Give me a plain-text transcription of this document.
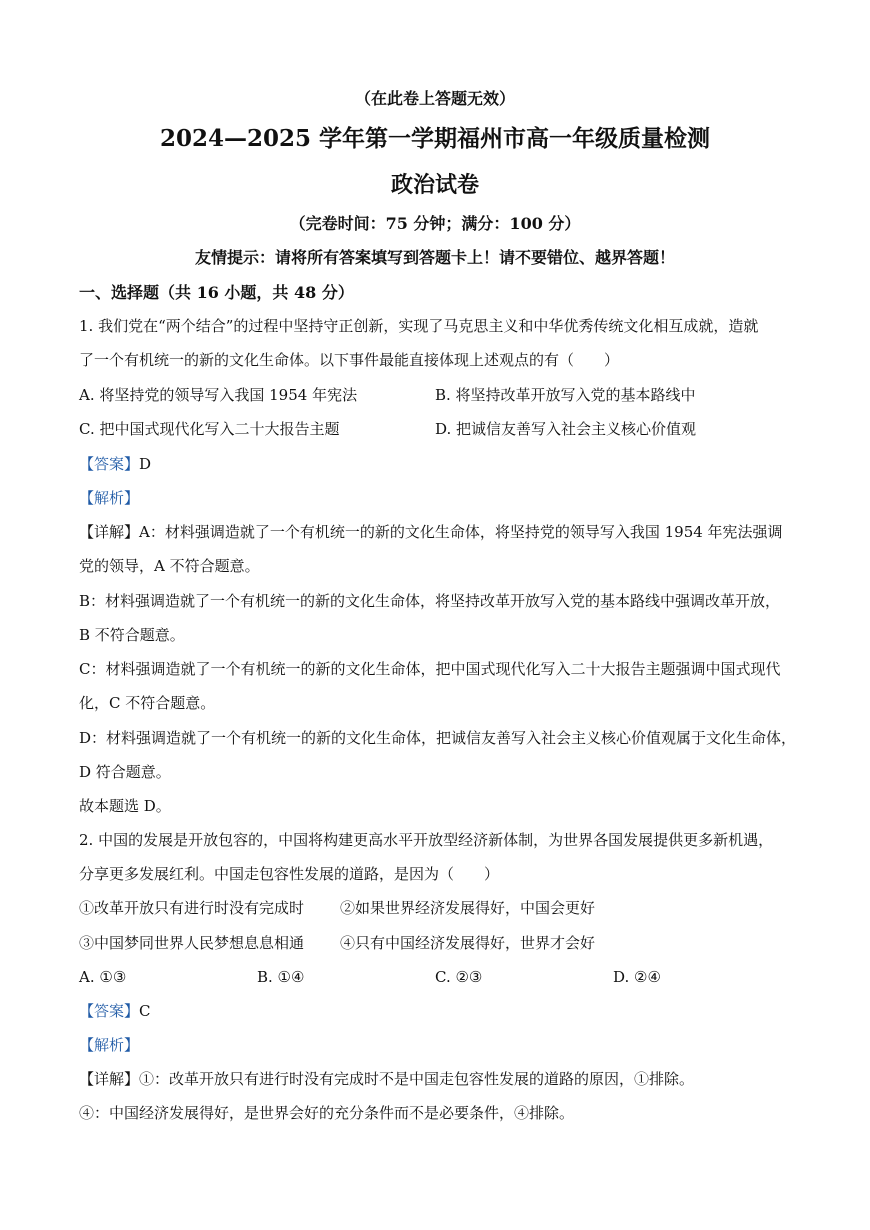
（在此卷上答题无效）
2024—2025 学年第一学期福州市高一年级质量检测
政治试卷
（完卷时间：75 分钟；满分：100 分）
友情提示：请将所有答案填写到答题卡上！请不要错位、越界答题！
一、选择题（共 16 小题，共 48 分）
1. 我们党在“两个结合”的过程中坚持守正创新，实现了马克思主义和中华优秀传统文化相互成就，造就
了一个有机统一的新的文化生命体。以下事件最能直接体现上述观点的有（　　）
A. 将坚持党的领导写入我国 1954 年宪法	B. 将坚持改革开放写入党的基本路线中
C. 把中国式现代化写入二十大报告主题	D. 把诚信友善写入社会主义核心价值观
【答案】D
【解析】
【详解】A：材料强调造就了一个有机统一的新的文化生命体，将坚持党的领导写入我国 1954 年宪法强调
党的领导，A 不符合题意。
B：材料强调造就了一个有机统一的新的文化生命体，将坚持改革开放写入党的基本路线中强调改革开放，
B 不符合题意。
C：材料强调造就了一个有机统一的新的文化生命体，把中国式现代化写入二十大报告主题强调中国式现代
化，C 不符合题意。
D：材料强调造就了一个有机统一的新的文化生命体，把诚信友善写入社会主义核心价值观属于文化生命体，
D 符合题意。
故本题选 D。
2. 中国的发展是开放包容的，中国将构建更高水平开放型经济新体制，为世界各国发展提供更多新机遇，
分享更多发展红利。中国走包容性发展的道路，是因为（　　）
①改革开放只有进行时没有完成时	②如果世界经济发展得好，中国会更好
③中国梦同世界人民梦想息息相通	④只有中国经济发展得好，世界才会好
A. ①③	B. ①④	C. ②③	D. ②④
【答案】C
【解析】
【详解】①：改革开放只有进行时没有完成时不是中国走包容性发展的道路的原因，①排除。
④：中国经济发展得好，是世界会好的充分条件而不是必要条件，④排除。
